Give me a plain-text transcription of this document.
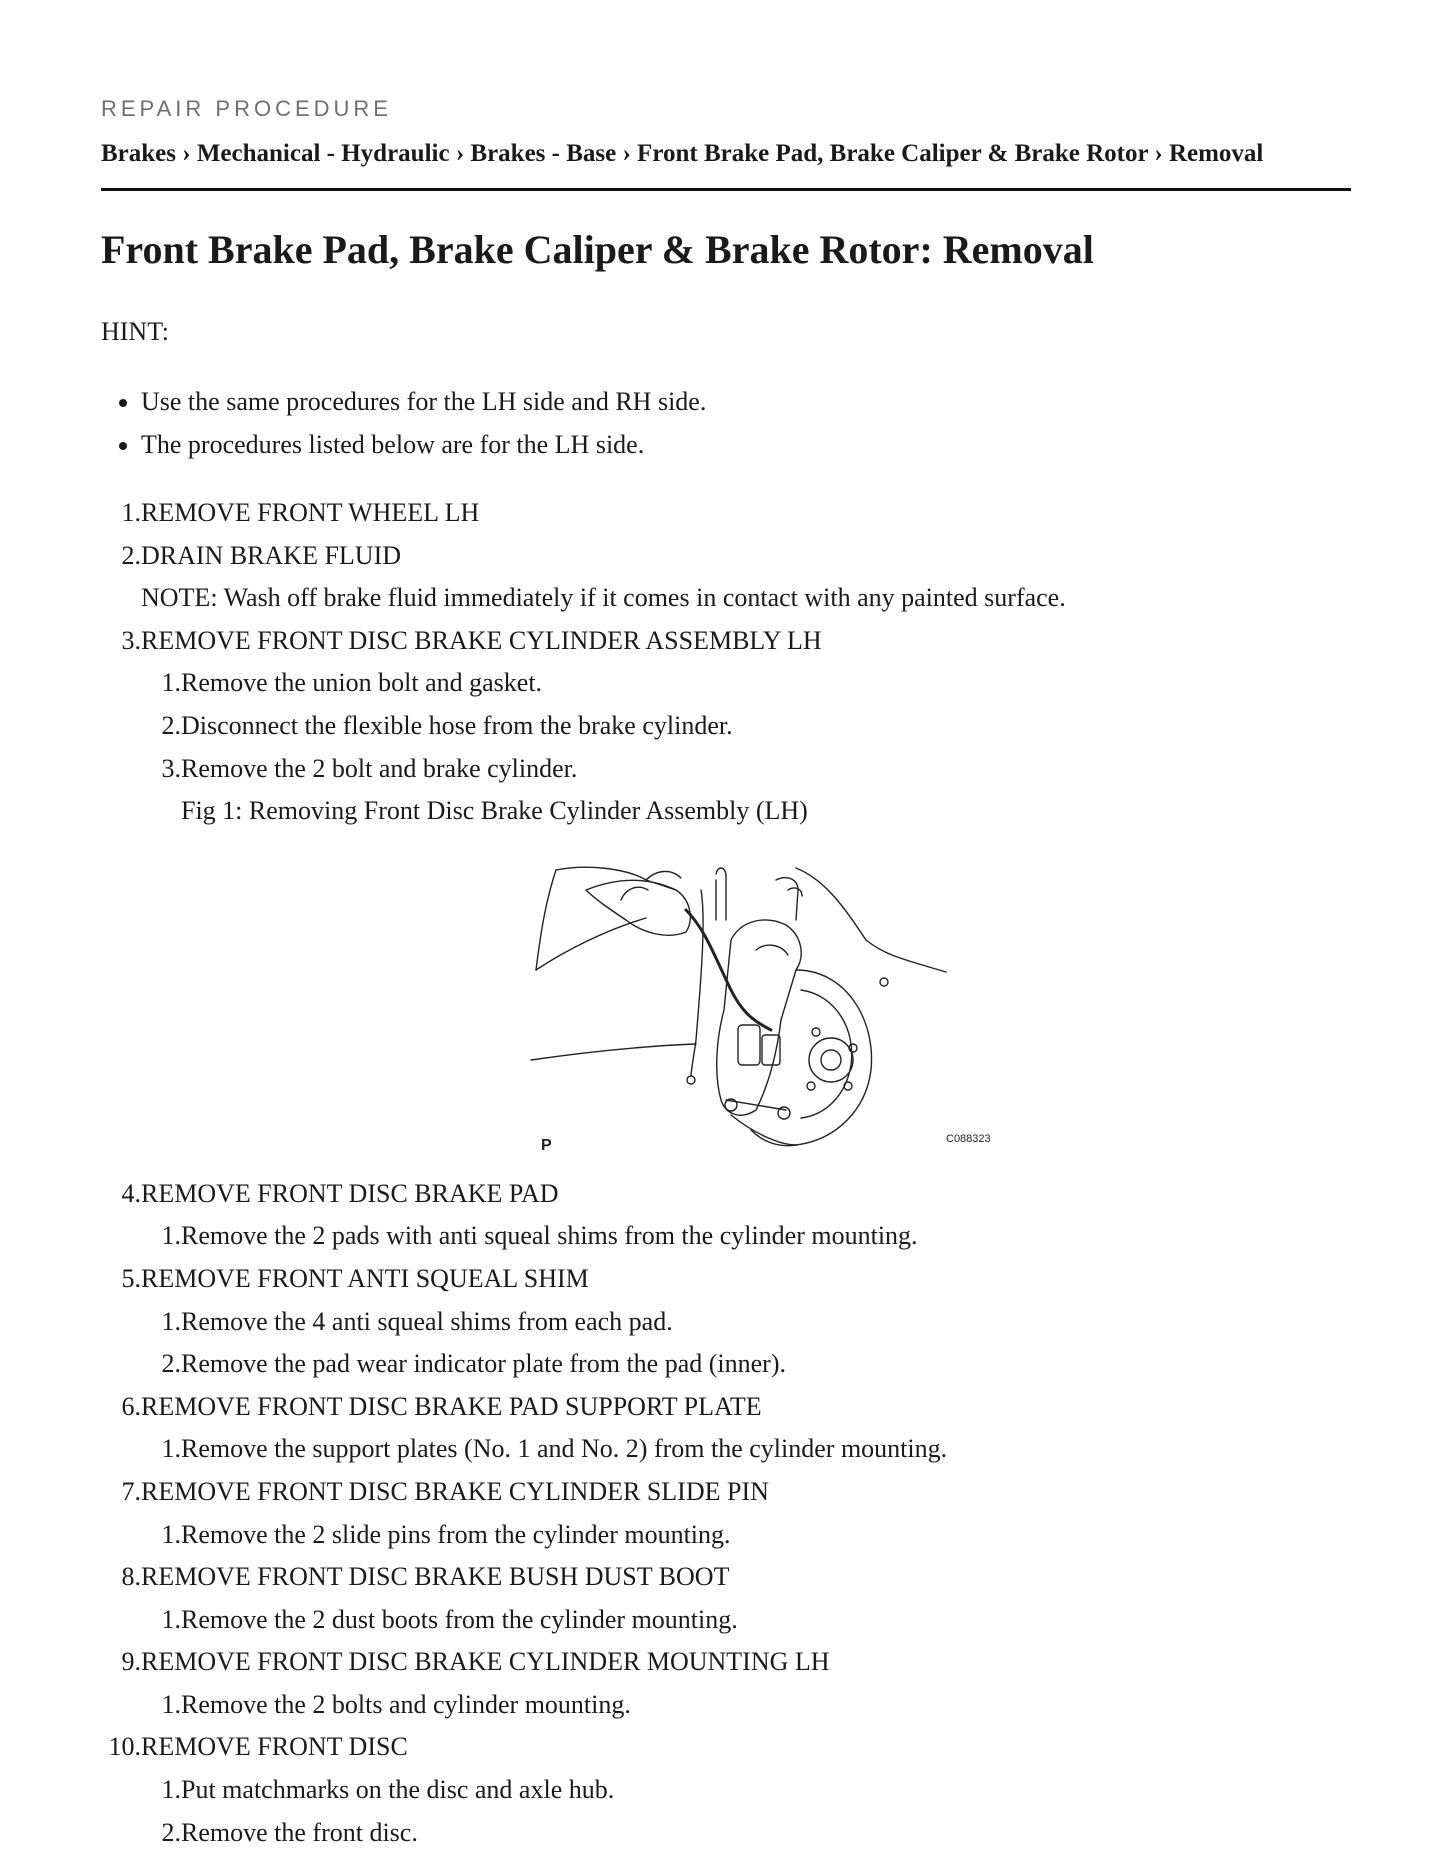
REPAIR PROCEDURE
Brakes › Mechanical - Hydraulic › Brakes - Base › Front Brake Pad, Brake Caliper & Brake Rotor › Removal
Front Brake Pad, Brake Caliper & Brake Rotor: Removal
HINT:
• Use the same procedures for the LH side and RH side.
• The procedures listed below are for the LH side.
1. REMOVE FRONT WHEEL LH
2. DRAIN BRAKE FLUID
NOTE: Wash off brake fluid immediately if it comes in contact with any painted surface.
3. REMOVE FRONT DISC BRAKE CYLINDER ASSEMBLY LH
1. Remove the union bolt and gasket.
2. Disconnect the flexible hose from the brake cylinder.
3. Remove the 2 bolt and brake cylinder.
Fig 1: Removing Front Disc Brake Cylinder Assembly (LH)
4. REMOVE FRONT DISC BRAKE PAD
1. Remove the 2 pads with anti squeal shims from the cylinder mounting.
5. REMOVE FRONT ANTI SQUEAL SHIM
1. Remove the 4 anti squeal shims from each pad.
2. Remove the pad wear indicator plate from the pad (inner).
6. REMOVE FRONT DISC BRAKE PAD SUPPORT PLATE
1. Remove the support plates (No. 1 and No. 2) from the cylinder mounting.
7. REMOVE FRONT DISC BRAKE CYLINDER SLIDE PIN
1. Remove the 2 slide pins from the cylinder mounting.
8. REMOVE FRONT DISC BRAKE BUSH DUST BOOT
1. Remove the 2 dust boots from the cylinder mounting.
9. REMOVE FRONT DISC BRAKE CYLINDER MOUNTING LH
1. Remove the 2 bolts and cylinder mounting.
10. REMOVE FRONT DISC
1. Put matchmarks on the disc and axle hub.
2. Remove the front disc.
P	C088323
